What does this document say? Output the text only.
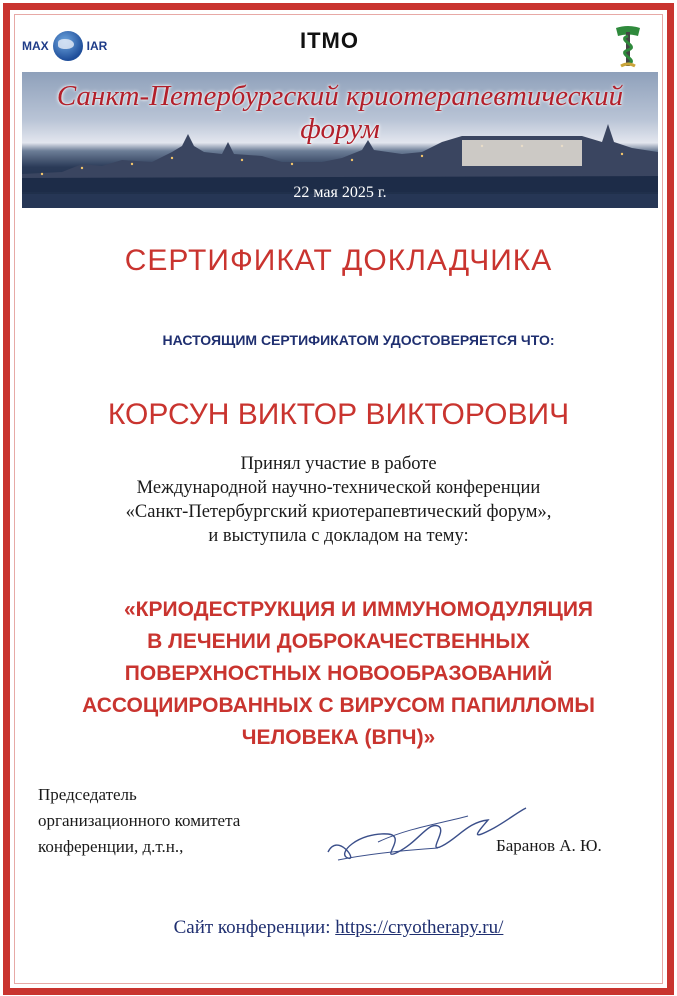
MAX	IAR	ITMO
Санкт-Петербургский криотерапевтический форум
22 мая 2025 г.
СЕРТИФИКАТ ДОКЛАДЧИКА
НАСТОЯЩИМ СЕРТИФИКАТОМ УДОСТОВЕРЯЕТСЯ ЧТО:
КОРСУН ВИКТОР ВИКТОРОВИЧ
Принял участие в работе
Международной научно-технической конференции
«Санкт-Петербургский криотерапевтический форум»,
и выступила с докладом на тему:
«КРИОДЕСТРУКЦИЯ И ИММУНОМОДУЛЯЦИЯ
В ЛЕЧЕНИИ ДОБРОКАЧЕСТВЕННЫХ
ПОВЕРХНОСТНЫХ НОВООБРАЗОВАНИЙ
АССОЦИИРОВАННЫХ С ВИРУСОМ ПАПИЛЛОМЫ
ЧЕЛОВЕКА (ВПЧ)»
Председатель
организационного комитета
конференции, д.т.н.,	Баранов А. Ю.
Сайт конференции: https://cryotherapy.ru/
